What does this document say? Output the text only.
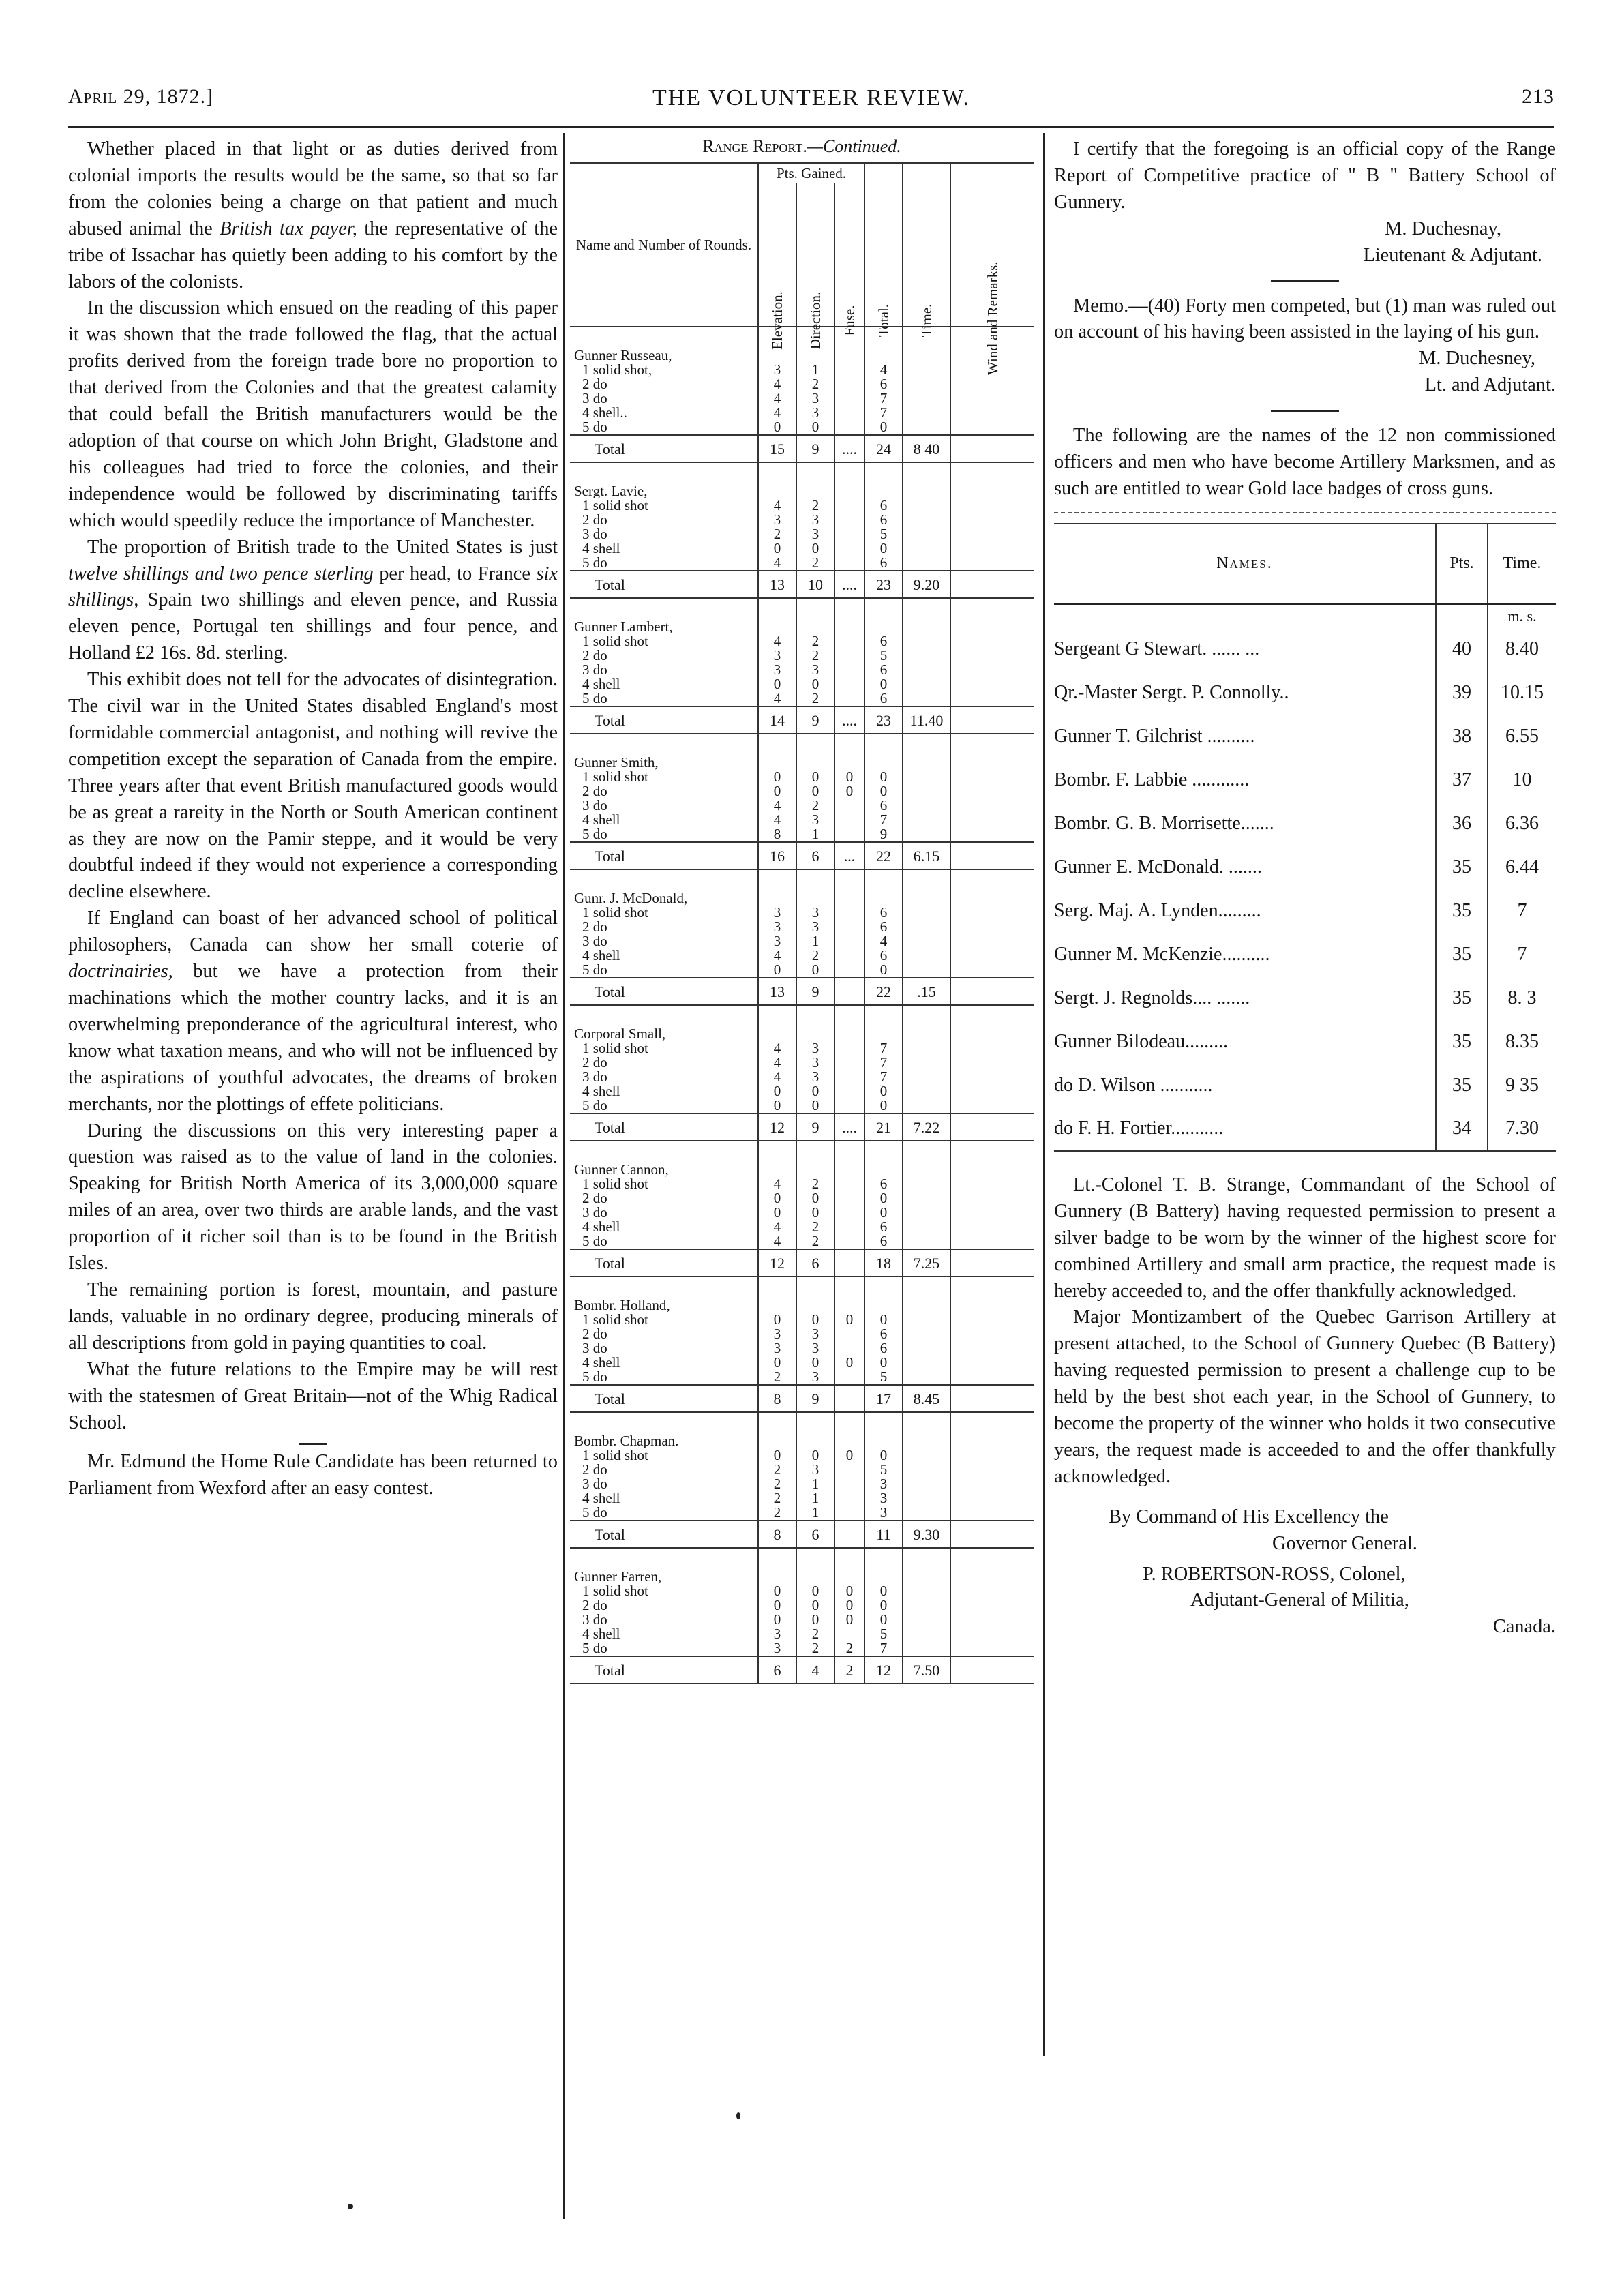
April 29, 1872.]	THE VOLUNTEER REVIEW.	213

Whether placed in that light or as duties derived from colonial imports the results would be the same, so that so far from the colonies being a charge on that patient and much abused animal the British tax payer, the representative of the tribe of Issachar has quietly been adding to his comfort by the labors of the colonists.

In the discussion which ensued on the reading of this paper it was shown that the trade followed the flag, that the actual profits derived from the foreign trade bore no proportion to that derived from the Colonies and that the greatest calamity that could befall the British manufacturers would be the adoption of that course on which John Bright, Gladstone and his colleagues had tried to force the colonies, and their independence would be followed by discriminating tariffs which would speedily reduce the importance of Manchester.

The proportion of British trade to the United States is just twelve shillings and two pence sterling per head, to France six shillings, Spain two shillings and eleven pence, and Russia eleven pence, Portugal ten shillings and four pence, and Holland £2 16s. 8d. sterling.

This exhibit does not tell for the advocates of disintegration. The civil war in the United States disabled England's most formidable commercial antagonist, and nothing will revive the competition except the separation of Canada from the empire. Three years after that event British manufactured goods would be as great a rareity in the North or South American continent as they are now on the Pamir steppe, and it would be very doubtful indeed if they would not experience a corresponding decline elsewhere.

If England can boast of her advanced school of political philosophers, Canada can show her small coterie of doctrinairies, but we have a protection from their machinations which the mother country lacks, and it is an overwhelming preponderance of the agricultural interest, who know what taxation means, and who will not be influenced by the aspirations of youthful advocates, the dreams of broken merchants, nor the plottings of effete politicians.

During the discussions on this very interesting paper a question was raised as to the value of land in the colonies. Speaking for British North America of its 3,000,000 square miles of an area, over two thirds are arable lands, and the vast proportion of it richer soil than is to be found in the British Isles.

The remaining portion is forest, mountain, and pasture lands, valuable in no ordinary degree, producing minerals of all descriptions from gold in paying quantities to coal.

What the future relations to the Empire may be will rest with the statesmen of Great Britain—not of the Whig Radical School.

Mr. Edmund the Home Rule Candidate has been returned to Parliament from Wexford after an easy contest.

Range Report.—Continued.
Name and Number of Rounds.	Pts. Gained.			Total.	Time.	Wind and Remarks.

	Elevation.	Direction.	Fuse.			

Gunner Russeau,						
1 solid shot,	3	1		4		
2 do	4	2		6		
3 do	4	3		7		
4 shell..	4	3		7		
5 do	0	0		0		
Total	15	9	....	24	8 40	

Sergt. Lavie,						
1 solid shot	4	2		6		
2 do	3	3		6		
3 do	2	3		5		
4 shell	0	0		0		
5 do	4	2		6		
Total	13	10	....	23	9.20	

Gunner Lambert,						
1 solid shot	4	2		6		
2 do	3	2		5		
3 do	3	3		6		
4 shell	0	0		0		
5 do	4	2		6		
Total	14	9	....	23	11.40	

Gunner Smith,						
1 solid shot	0	0	0	0		
2 do	0	0	0	0		
3 do	4	2		6		
4 shell	4	3		7		
5 do	8	1		9		
Total	16	6	...	22	6.15	

Gunr. J. McDonald,						
1 solid shot	3	3		6		
2 do	3	3		6		
3 do	3	1		4		
4 shell	4	2		6		
5 do	0	0		0		
Total	13	9		22	.15	

Corporal Small,						
1 solid shot	4	3		7		
2 do	4	3		7		
3 do	4	3		7		
4 shell	0	0		0		
5 do	0	0		0		
Total	12	9	....	21	7.22	

Gunner Cannon,						
1 solid shot	4	2		6		
2 do	0	0		0		
3 do	0	0		0		
4 shell	4	2		6		
5 do	4	2		6		
Total	12	6		18	7.25	

Bombr. Holland,						
1 solid shot	0	0	0	0		
2 do	3	3		6		
3 do	3	3		6		
4 shell	0	0	0	0		
5 do	2	3		5		
Total	8	9		17	8.45	

Bombr. Chapman.						
1 solid shot	0	0	0	0		
2 do	2	3		5		
3 do	2	1		3		
4 shell	2	1		3		
5 do	2	1		3		
Total	8	6		11	9.30	

Gunner Farren,						
1 solid shot	0	0	0	0		
2 do	0	0	0	0		
3 do	0	0	0	0		
4 shell	3	2		5		
5 do	3	2	2	7		
Total	6	4	2	12	7.50	

I certify that the foregoing is an official copy of the Range Report of Competitive practice of " B " Battery School of Gunnery.

M. Duchesnay,

Lieutenant & Adjutant.

Memo.—(40) Forty men competed, but (1) man was ruled out on account of his having been assisted in the laying of his gun.

M. Duchesney,

Lt. and Adjutant.

The following are the names of the 12 non commissioned officers and men who have become Artillery Marksmen, and as such are entitled to wear Gold lace badges of cross guns.

Names.	Pts.	Time.
		m. s.
Sergeant G Stewart. ...... ...	40	8.40
Qr.-Master Sergt. P. Connolly..	39	10.15
Gunner T. Gilchrist ..........	38	6.55
Bombr. F. Labbie ............	37	10
Bombr. G. B. Morrisette.......	36	6.36
Gunner E. McDonald. .......	35	6.44
Serg. Maj. A. Lynden.........	35	7
Gunner M. McKenzie..........	35	7
Sergt. J. Regnolds.... .......	35	8. 3
Gunner Bilodeau.........	35	8.35
do D. Wilson ...........	35	9 35
do F. H. Fortier...........	34	7.30

Lt.-Colonel T. B. Strange, Commandant of the School of Gunnery (B Battery) having requested permission to present a silver badge to be worn by the winner of the highest score for combined Artillery and small arm practice, the request made is hereby acceeded to, and the offer thankfully acknowledged.

Major Montizambert of the Quebec Garrison Artillery at present attached, to the School of Gunnery Quebec (B Battery) having requested permission to present a challenge cup to be held by the best shot each year, in the School of Gunnery, to become the property of the winner who holds it two consecutive years, the request made is acceeded to and the offer thankfully acknowledged.

By Command of His Excellency the

Governor General.

P. ROBERTSON-ROSS, Colonel,

Adjutant-General of Militia,

Canada.
